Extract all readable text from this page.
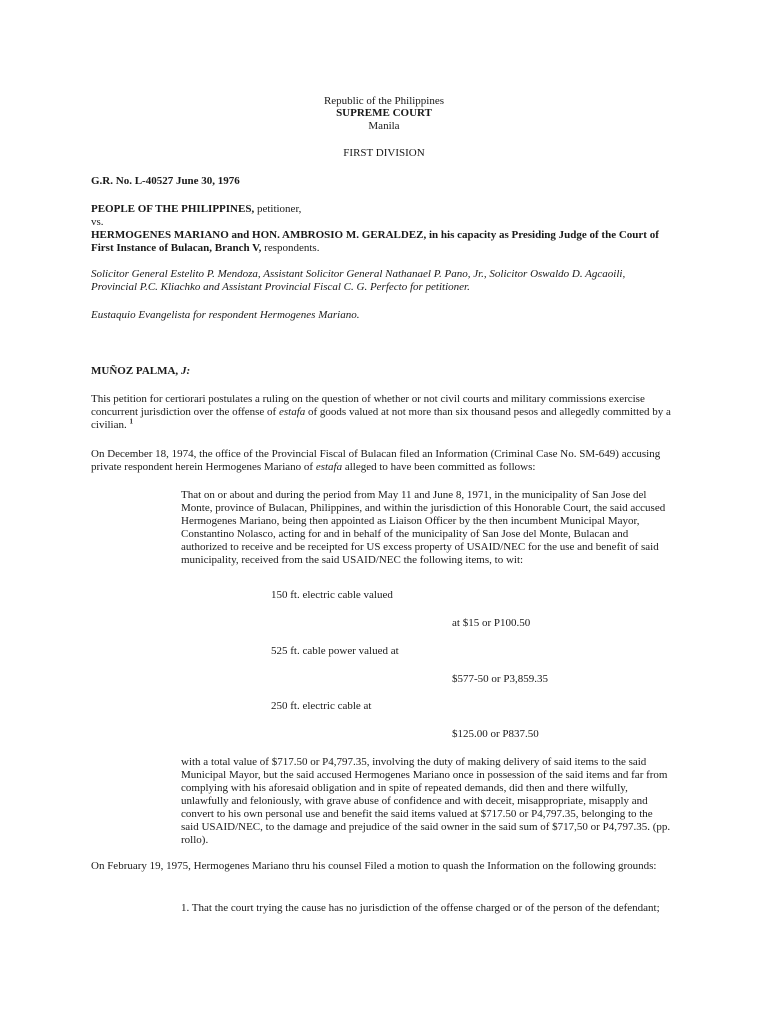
Republic of the Philippines
SUPREME COURT
Manila
FIRST DIVISION
G.R. No. L-40527 June 30, 1976
PEOPLE OF THE PHILIPPINES, petitioner,
vs.
HERMOGENES MARIANO and HON. AMBROSIO M. GERALDEZ, in his capacity as Presiding Judge of the Court of First Instance of Bulacan, Branch V, respondents.
Solicitor General Estelito P. Mendoza, Assistant Solicitor General Nathanael P. Pano, Jr., Solicitor Oswaldo D. Agcaoili, Provincial P.C. Kliachko and Assistant Provincial Fiscal C. G. Perfecto for petitioner.
Eustaquio Evangelista for respondent Hermogenes Mariano.
MUÑOZ PALMA, J:
This petition for certiorari postulates a ruling on the question of whether or not civil courts and military commissions exercise concurrent jurisdiction over the offense of estafa of goods valued at not more than six thousand pesos and allegedly committed by a civilian. $^1$
On December 18, 1974, the office of the Provincial Fiscal of Bulacan filed an Information (Criminal Case No. SM-649) accusing private respondent herein Hermogenes Mariano of estafa alleged to have been committed as follows:
That on or about and during the period from May 11 and June 8, 1971, in the municipality of San Jose del Monte, province of Bulacan, Philippines, and within the jurisdiction of this Honorable Court, the said accused Hermogenes Mariano, being then appointed as Liaison Officer by the then incumbent Municipal Mayor, Constantino Nolasco, acting for and in behalf of the municipality of San Jose del Monte, Bulacan and authorized to receive and be receipted for US excess property of USAID/NEC for the use and benefit of said municipality, received from the said USAID/NEC the following items, to wit:
150 ft. electric cable valued
at $15 or P100.50
525 ft. cable power valued at
$577-50 or P3,859.35
250 ft. electric cable at
$125.00 or P837.50
with a total value of $717.50 or P4,797.35, involving the duty of making delivery of said items to the said Municipal Mayor, but the said accused Hermogenes Mariano once in possession of the said items and far from complying with his aforesaid obligation and in spite of repeated demands, did then and there wilfully, unlawfully and feloniously, with grave abuse of confidence and with deceit, misappropriate, misapply and convert to his own personal use and benefit the said items valued at $717.50 or P4,797.35, belonging to the said USAID/NEC, to the damage and prejudice of the said owner in the said sum of $717,50 or P4,797.35. (pp. rollo).
On February 19, 1975, Hermogenes Mariano thru his counsel Filed a motion to quash the Information on the following grounds:
1. That the court trying the cause has no jurisdiction of the offense charged or of the person of the defendant;
